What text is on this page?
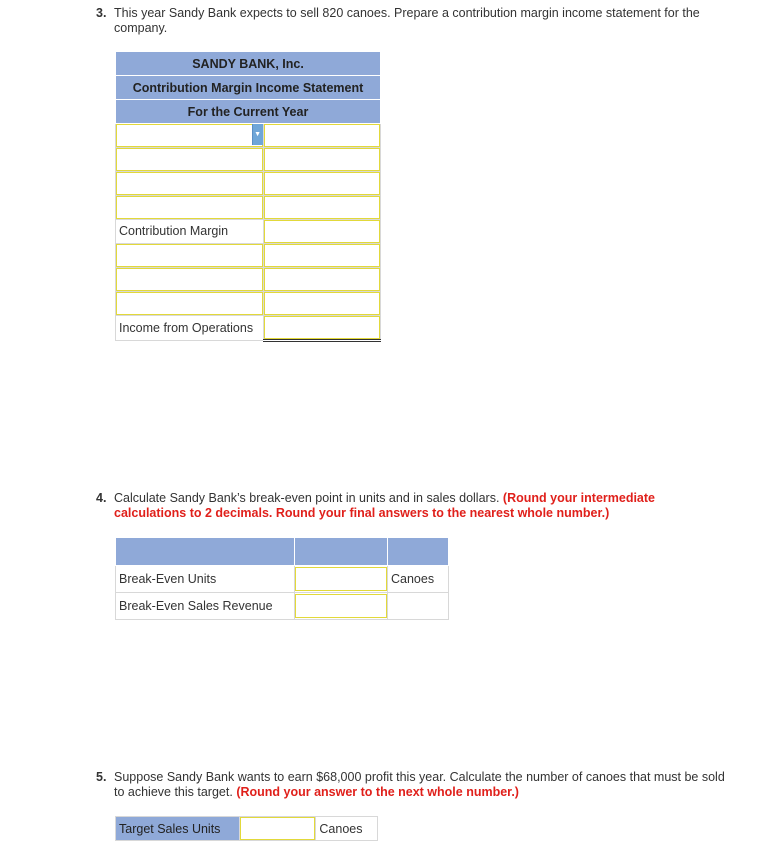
3. This year Sandy Bank expects to sell 820 canoes. Prepare a contribution margin income statement for the company.
SANDY BANK, Inc.	
Contribution Margin Income Statement	
For the Current Year	

▼	

Contribution Margin	

Income from Operations	

4. Calculate Sandy Bank’s break-even point in units and in sales dollars. (Round your intermediate calculations to 2 decimals. Round your final answers to the nearest whole number.)

Break-Even Units		Canoes

Break-Even Sales Revenue		

5. Suppose Sandy Bank wants to earn $68,000 profit this year. Calculate the number of canoes that must be sold to achieve this target. (Round your answer to the next whole number.)
Target Sales Units		Canoes
